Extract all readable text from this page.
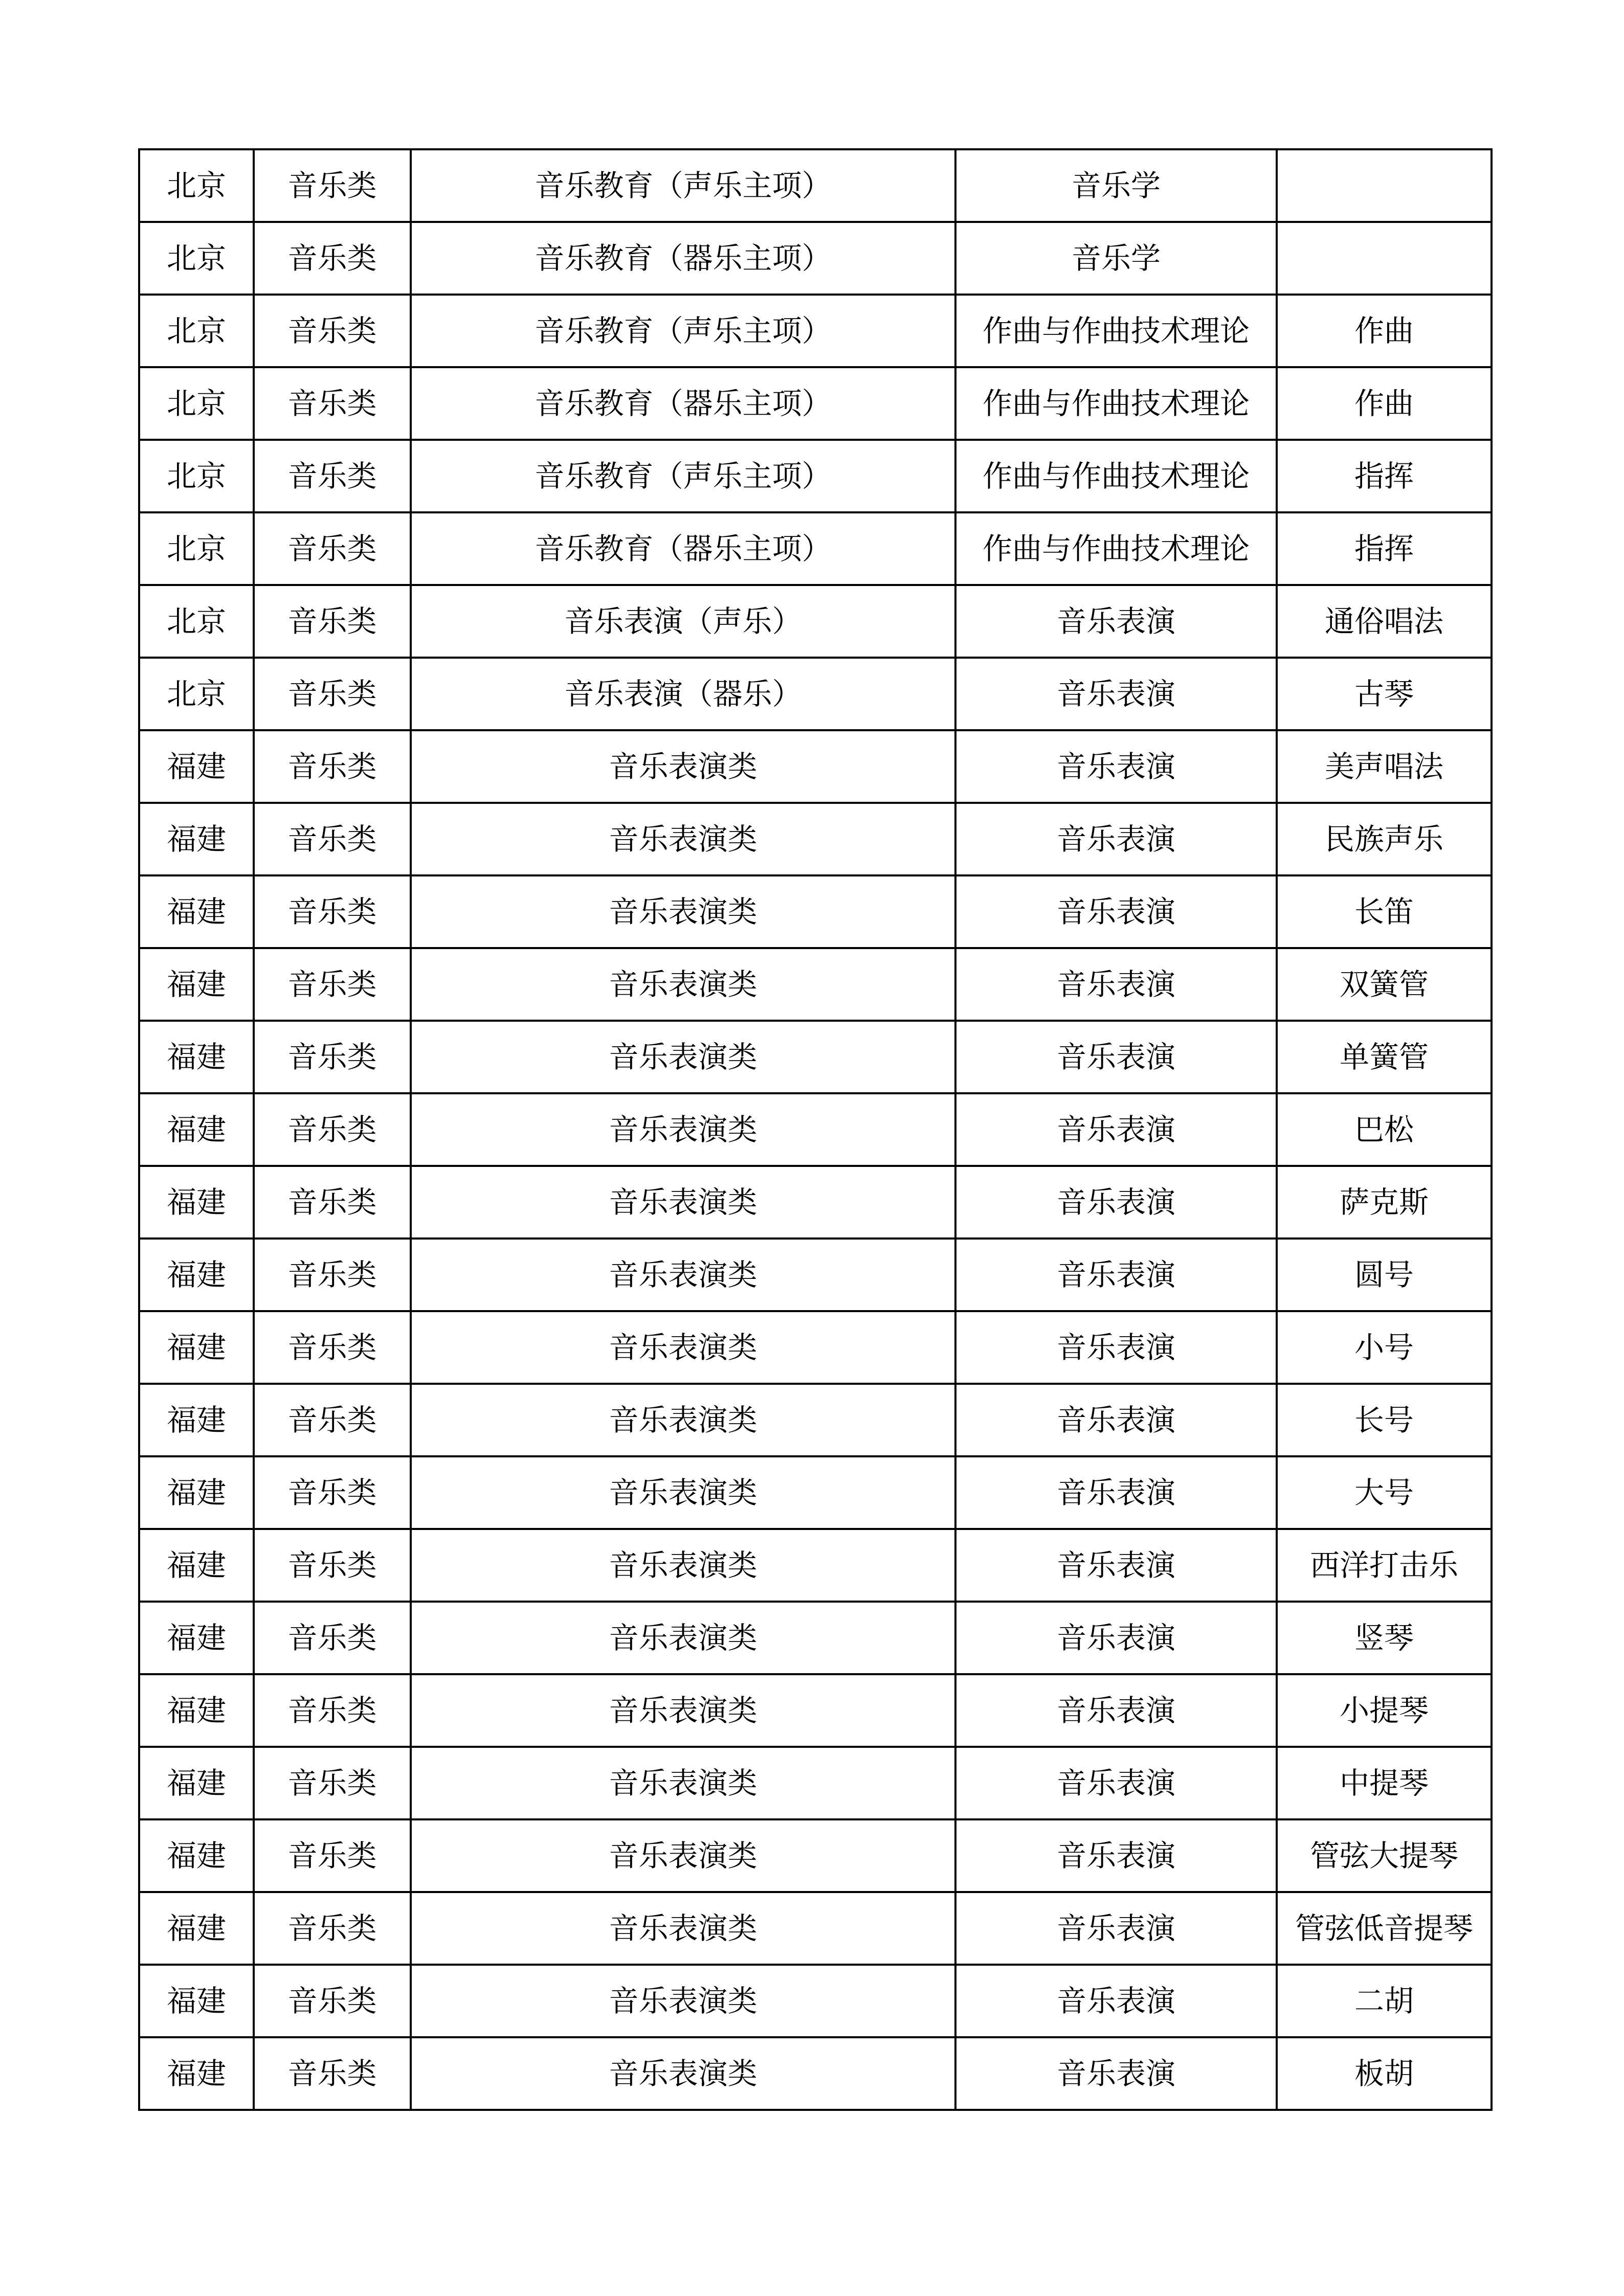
北京	音乐类	音乐教育（声乐主项）	音乐学	
北京	音乐类	音乐教育（器乐主项）	音乐学	
北京	音乐类	音乐教育（声乐主项）	作曲与作曲技术理论	作曲
北京	音乐类	音乐教育（器乐主项）	作曲与作曲技术理论	作曲
北京	音乐类	音乐教育（声乐主项）	作曲与作曲技术理论	指挥
北京	音乐类	音乐教育（器乐主项）	作曲与作曲技术理论	指挥
北京	音乐类	音乐表演（声乐）	音乐表演	通俗唱法
北京	音乐类	音乐表演（器乐）	音乐表演	古琴
福建	音乐类	音乐表演类	音乐表演	美声唱法
福建	音乐类	音乐表演类	音乐表演	民族声乐
福建	音乐类	音乐表演类	音乐表演	长笛
福建	音乐类	音乐表演类	音乐表演	双簧管
福建	音乐类	音乐表演类	音乐表演	单簧管
福建	音乐类	音乐表演类	音乐表演	巴松
福建	音乐类	音乐表演类	音乐表演	萨克斯
福建	音乐类	音乐表演类	音乐表演	圆号
福建	音乐类	音乐表演类	音乐表演	小号
福建	音乐类	音乐表演类	音乐表演	长号
福建	音乐类	音乐表演类	音乐表演	大号
福建	音乐类	音乐表演类	音乐表演	西洋打击乐
福建	音乐类	音乐表演类	音乐表演	竖琴
福建	音乐类	音乐表演类	音乐表演	小提琴
福建	音乐类	音乐表演类	音乐表演	中提琴
福建	音乐类	音乐表演类	音乐表演	管弦大提琴
福建	音乐类	音乐表演类	音乐表演	管弦低音提琴
福建	音乐类	音乐表演类	音乐表演	二胡
福建	音乐类	音乐表演类	音乐表演	板胡
